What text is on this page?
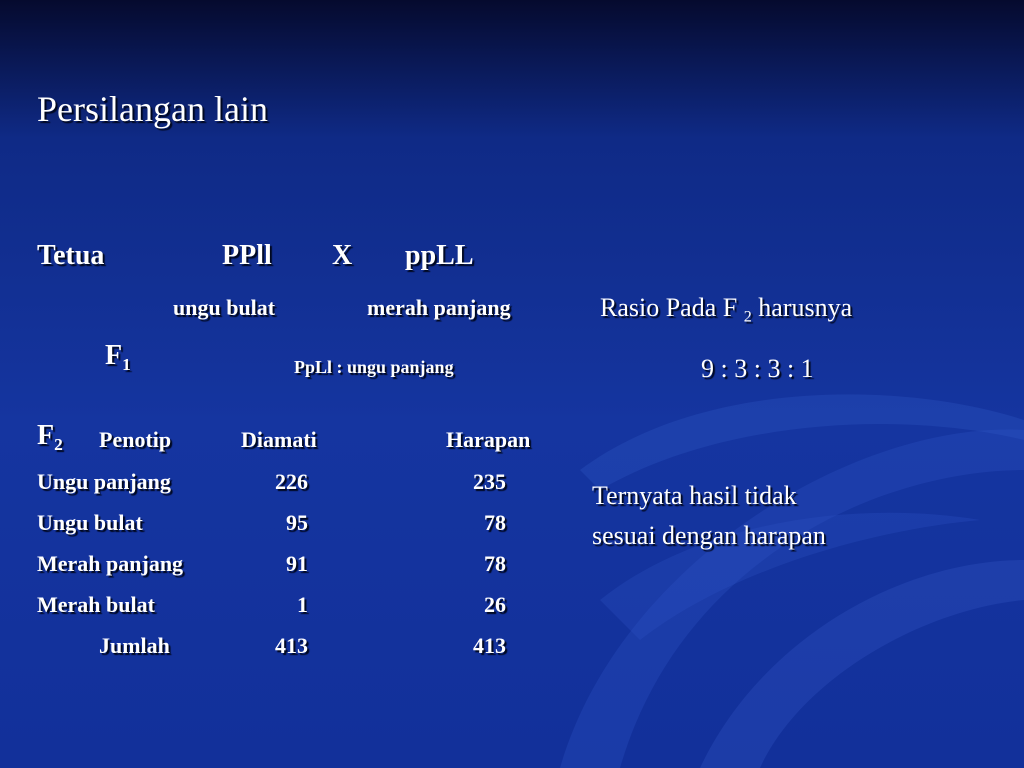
Persilangan lain
Tetua	PPll X ppLL
ungu bulat	merah panjang
$F_1$	PpLl : ungu panjang
$F_2$ Penotip	Diamati	Harapan
Ungu panjang	226	235
Ungu bulat	95	78
Merah panjang	91	78
Merah bulat	1	26
Jumlah	413	413
Rasio Pada F $_2$ harusnya
9 : 3 : 3 : 1
Ternyata hasil tidak
sesuai dengan harapan
